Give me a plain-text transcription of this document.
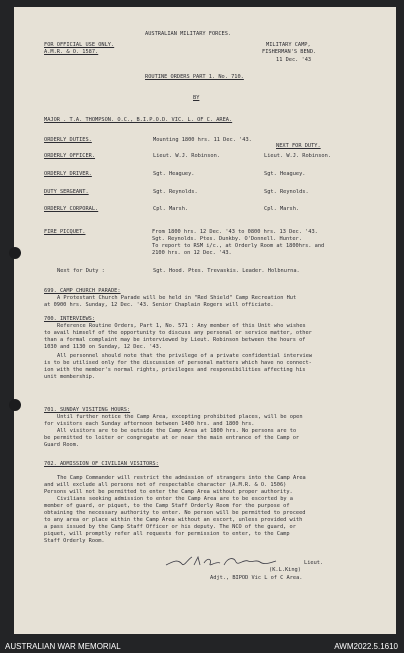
AUSTRALIAN MILITARY FORCES.
FOR OFFICIAL USE ONLY.
A.M.R. & O. 1587.
MILITARY CAMP,
FISHERMAN'S BEND.
11 Dec. '43
ROUTINE ORDERS PART 1. No. 710.
BY
MAJOR . T.A. THOMPSON. O.C., B.I.P.O.D. VIC. L. OF C. AREA.
ORDERLY DUTIES.	Mounting 1800 hrs. 11 Dec. '43.
NEXT FOR DUTY.
ORDERLY OFFICER.	Lieut. W.J. Robinson.	Lieut. W.J. Robinson.
ORDERLY DRIVER.	Sgt. Heaguey.	Sgt. Heaguey.
DUTY SERGEANT.	Sgt. Reynolds.	Sgt. Reynolds.
ORDERLY CORPORAL.	Cpl. Marsh.	Cpl. Marsh.
FIRE PICQUET.	From 1800 hrs. 12 Dec. '43 to 0800 hrs. 13 Dec. '43.
Sgt. Reynolds. Ptes. Dunkby. O'Donnell. Hunter.
To report to RSM i/c., at Orderly Room at 1800hrs. and
2100 hrs. on 12 Dec. '43.
Next for Duty :	Sgt. Hood. Ptes. Trevaskis. Leader. Holbnurna.
699. CAMP CHURCH PARADE:
A Protestant Church Parade will be held in "Red Shield" Camp Recreation Hut
at 0900 hrs. Sunday, 12 Dec. '43. Senior Chaplain Rogers will officiate.
700. INTERVIEWS:
Reference Routine Orders, Part 1, No. 571 : Any member of this Unit who wishes
to avail himself of the opportunity to discuss any personal or service matter, other
than a formal complaint may be interviewed by Lieut. Robinson between the hours of
1030 and 1130 on Sunday, 12 Dec. '43.
All personnel should note that the privilege of a private confidential interview
is to be utilised only for the discussion of personal matters which have no connect-
ion with the member's normal rights, privileges and responsibilities affecting his
unit membership.
701. SUNDAY VISITING HOURS:
Until further notice the Camp Area, excepting prohibited places, will be open
for visitors each Sunday afternoon between 1400 hrs. and 1800 hrs.
All visitors are to be outside the Camp Area at 1800 hrs. No persons are to
be permitted to loiter or congregate at or near the main entrance of the Camp or
Guard Room.
702. ADMISSION OF CIVILIAN VISITORS:
The Camp Commander will restrict the admission of strangers into the Camp Area
and will exclude all persons not of respectable character (A.M.R. & O. 1506)
Persons will not be permitted to enter the Camp Area without proper authority.
Civilians seeking admission to enter the Camp Area are to be escorted by a
member of guard, or piquet, to the Camp Staff Orderly Room for the purpose of
obtaining the necessary authority to enter. No person will be permitted to proceed
to any area or place within the Camp Area without an escort, unless provided with
a pass issued by the Camp Staff Officer or his deputy. The NCO of the guard, or
piquet, will promptly refer all requests for permission to enter, to the Camp
Staff Orderly Room.
Lieut.
(K.L.King)
Adjt., BIPOD Vic L of C Area.
AUSTRALIAN WAR MEMORIAL	AWM2022.5.1610
